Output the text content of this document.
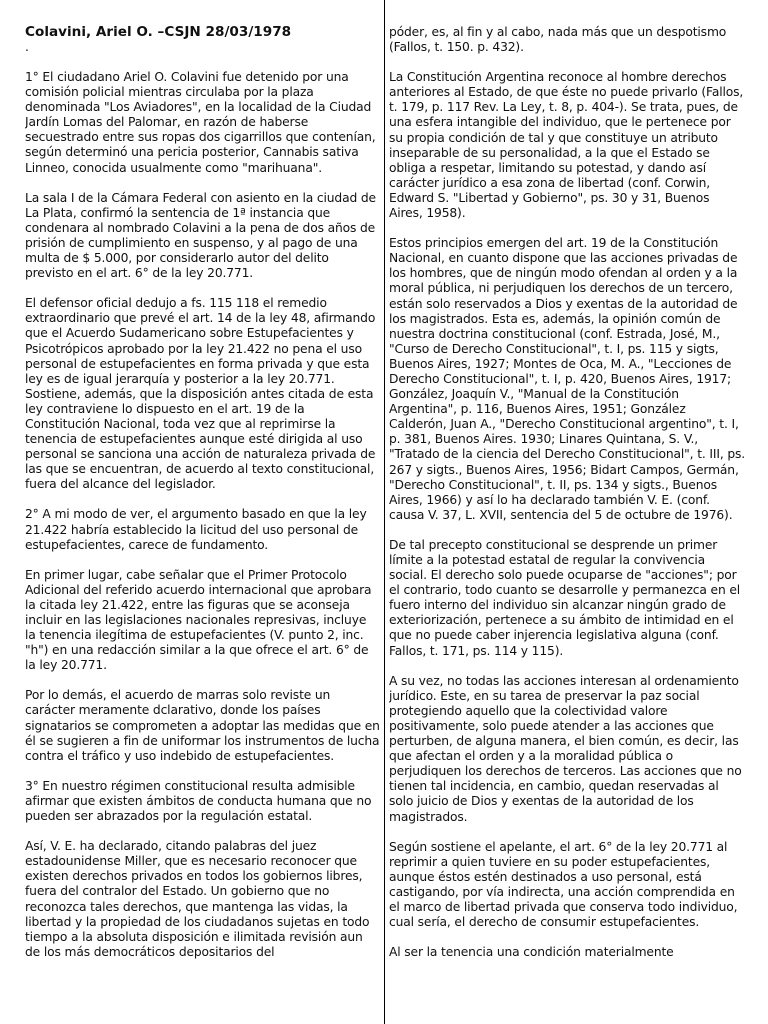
Colavini, Ariel O. –CSJN 28/03/1978
.

1° El ciudadano Ariel O. Colavini fue detenido por una comisión policial mientras circulaba por la plaza denominada "Los Aviadores", en la localidad de la Ciudad Jardín Lomas del Palomar, en razón de haberse secuestrado entre sus ropas dos cigarrillos que contenían, según determinó una pericia posterior, Cannabis sativa Linneo, conocida usualmente como "marihuana".

La sala I de la Cámara Federal con asiento en la ciudad de La Plata, confirmó la sentencia de 1ª instancia que condenara al nombrado Colavini a la pena de dos años de prisión de cumplimiento en suspenso, y al pago de una multa de $ 5.000, por considerarlo autor del delito previsto en el art. 6° de la ley 20.771.

El defensor oficial dedujo a fs. 115 118 el remedio extraordinario que prevé el art. 14 de la ley 48, afirmando que el Acuerdo Sudamericano sobre Estupefacientes y Psicotrópicos aprobado por la ley 21.422 no pena el uso personal de estupefacientes en forma privada y que esta ley es de igual jerarquía y posterior a la ley 20.771. Sostiene, además, que la disposición antes citada de esta ley contraviene lo dispuesto en el art. 19 de la Constitución Nacional, toda vez que al reprimirse la tenencia de estupefacientes aunque esté dirigida al uso personal se sanciona una acción de naturaleza privada de las que se encuentran, de acuerdo al texto constitucional, fuera del alcance del legislador.

2° A mi modo de ver, el argumento basado en que la ley 21.422 habría establecido la licitud del uso personal de estupefacientes, carece de fundamento.

En primer lugar, cabe señalar que el Primer Protocolo Adicional del referido acuerdo internacional que aprobara la citada ley 21.422, entre las figuras que se aconseja incluir en las legislaciones nacionales represivas, incluye la tenencia ilegítima de estupefacientes (V. punto 2, inc. "h") en una redacción similar a la que ofrece el art. 6° de la ley 20.771.

Por lo demás, el acuerdo de marras solo reviste un carácter meramente dclarativo, donde los países signatarios se comprometen a adoptar las medidas que en él se sugieren a fin de uniformar los instrumentos de lucha contra el tráfico y uso indebido de estupefacientes.

3° En nuestro régimen constitucional resulta admisible afirmar que existen ámbitos de conducta humana que no pueden ser abrazados por la regulación estatal.

Así, V. E. ha declarado, citando palabras del juez estadounidense Miller, que es necesario reconocer que existen derechos privados en todos los gobiernos libres, fuera del contralor del Estado. Un gobierno que no reconozca tales derechos, que mantenga las vidas, la libertad y la propiedad de los ciudadanos sujetas en todo tiempo a la absoluta disposición e ilimitada revisión aun de los más democráticos depositarios del

póder, es, al fin y al cabo, nada más que un despotismo (Fallos, t. 150. p. 432).

La Constitución Argentina reconoce al hombre derechos anteriores al Estado, de que éste no puede privarlo (Fallos, t. 179, p. 117 Rev. La Ley, t. 8, p. 404-). Se trata, pues, de una esfera intangible del individuo, que le pertenece por su propia condición de tal y que constituye un atributo inseparable de su personalidad, a la que el Estado se obliga a respetar, limitando su potestad, y dando así carácter jurídico a esa zona de libertad (conf. Corwin, Edward S. "Libertad y Gobierno", ps. 30 y 31, Buenos Aires, 1958).

Estos principios emergen del art. 19 de la Constitución Nacional, en cuanto dispone que las acciones privadas de los hombres, que de ningún modo ofendan al orden y a la moral pública, ni perjudiquen los derechos de un tercero, están solo reservados a Dios y exentas de la autoridad de los magistrados. Esta es, además, la opinión común de nuestra doctrina constitucional (conf. Estrada, José, M., "Curso de Derecho Constitucional", t. I, ps. 115 y sigts, Buenos Aires, 1927; Montes de Oca, M. A., "Lecciones de Derecho Constitucional", t. I, p. 420, Buenos Aires, 1917; González, Joaquín V., "Manual de la Constitución Argentina", p. 116, Buenos Aires, 1951; González Calderón, Juan A., "Derecho Constitucional argentino", t. I, p. 381, Buenos Aires. 1930; Linares Quintana, S. V., "Tratado de la ciencia del Derecho Constitucional", t. III, ps. 267 y sigts., Buenos Aires, 1956; Bidart Campos, Germán, "Derecho Constitucional", t. II, ps. 134 y sigts., Buenos Aires, 1966) y así lo ha declarado también V. E. (conf. causa V. 37, L. XVII, sentencia del 5 de octubre de 1976).

De tal precepto constitucional se desprende un primer límite a la potestad estatal de regular la convivencia social. El derecho solo puede ocuparse de "acciones"; por el contrario, todo cuanto se desarrolle y permanezca en el fuero interno del individuo sin alcanzar ningún grado de exteriorización, pertenece a su ámbito de intimidad en el que no puede caber injerencia legislativa alguna (conf. Fallos, t. 171, ps. 114 y 115).

A su vez, no todas las acciones interesan al ordenamiento jurídico. Este, en su tarea de preservar la paz social protegiendo aquello que la colectividad valore positivamente, solo puede atender a las acciones que perturben, de alguna manera, el bien común, es decir, las que afectan el orden y a la moralidad pública o perjudiquen los derechos de terceros. Las acciones que no tienen tal incidencia, en cambio, quedan reservadas al solo juicio de Dios y exentas de la autoridad de los magistrados.

Según sostiene el apelante, el art. 6° de la ley 20.771 al reprimir a quien tuviere en su poder estupefacientes, aunque éstos estén destinados a uso personal, está castigando, por vía indirecta, una acción comprendida en el marco de libertad privada que conserva todo individuo, cual sería, el derecho de consumir estupefacientes.

Al ser la tenencia una condición materialmente
